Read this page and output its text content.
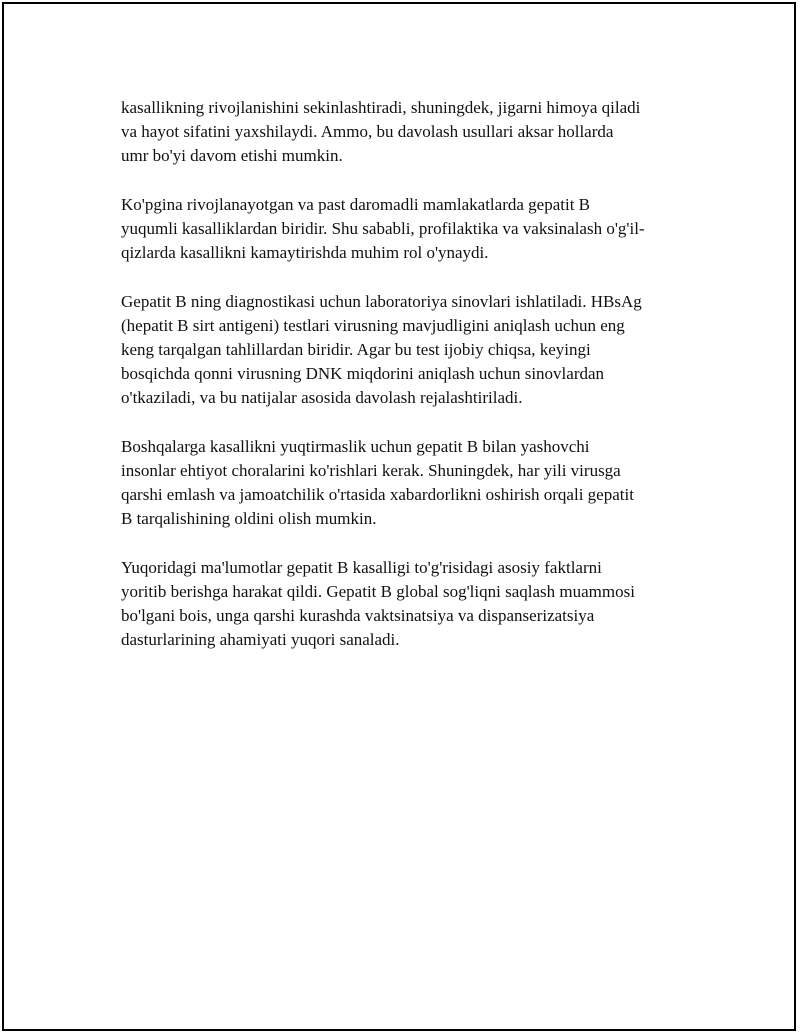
kasallikning rivojlanishini sekinlashtiradi, shuningdek, jigarni himoya qiladi
va hayot sifatini yaxshilaydi. Ammo, bu davolash usullari aksar hollarda
umr bo'yi davom etishi mumkin.

Ko'pgina rivojlanayotgan va past daromadli mamlakatlarda gepatit B
yuqumli kasalliklardan biridir. Shu sababli, profilaktika va vaksinalash o'g'il-
qizlarda kasallikni kamaytirishda muhim rol o'ynaydi.

Gepatit B ning diagnostikasi uchun laboratoriya sinovlari ishlatiladi. HBsAg
(hepatit B sirt antigeni) testlari virusning mavjudligini aniqlash uchun eng
keng tarqalgan tahlillardan biridir. Agar bu test ijobiy chiqsa, keyingi
bosqichda qonni virusning DNK miqdorini aniqlash uchun sinovlardan
o'tkaziladi, va bu natijalar asosida davolash rejalashtiriladi.

Boshqalarga kasallikni yuqtirmaslik uchun gepatit B bilan yashovchi
insonlar ehtiyot choralarini ko'rishlari kerak. Shuningdek, har yili virusga
qarshi emlash va jamoatchilik o'rtasida xabardorlikni oshirish orqali gepatit
B tarqalishining oldini olish mumkin.

Yuqoridagi ma'lumotlar gepatit B kasalligi to'g'risidagi asosiy faktlarni
yoritib berishga harakat qildi. Gepatit B global sog'liqni saqlash muammosi
bo'lgani bois, unga qarshi kurashda vaktsinatsiya va dispanserizatsiya
dasturlarining ahamiyati yuqori sanaladi.
